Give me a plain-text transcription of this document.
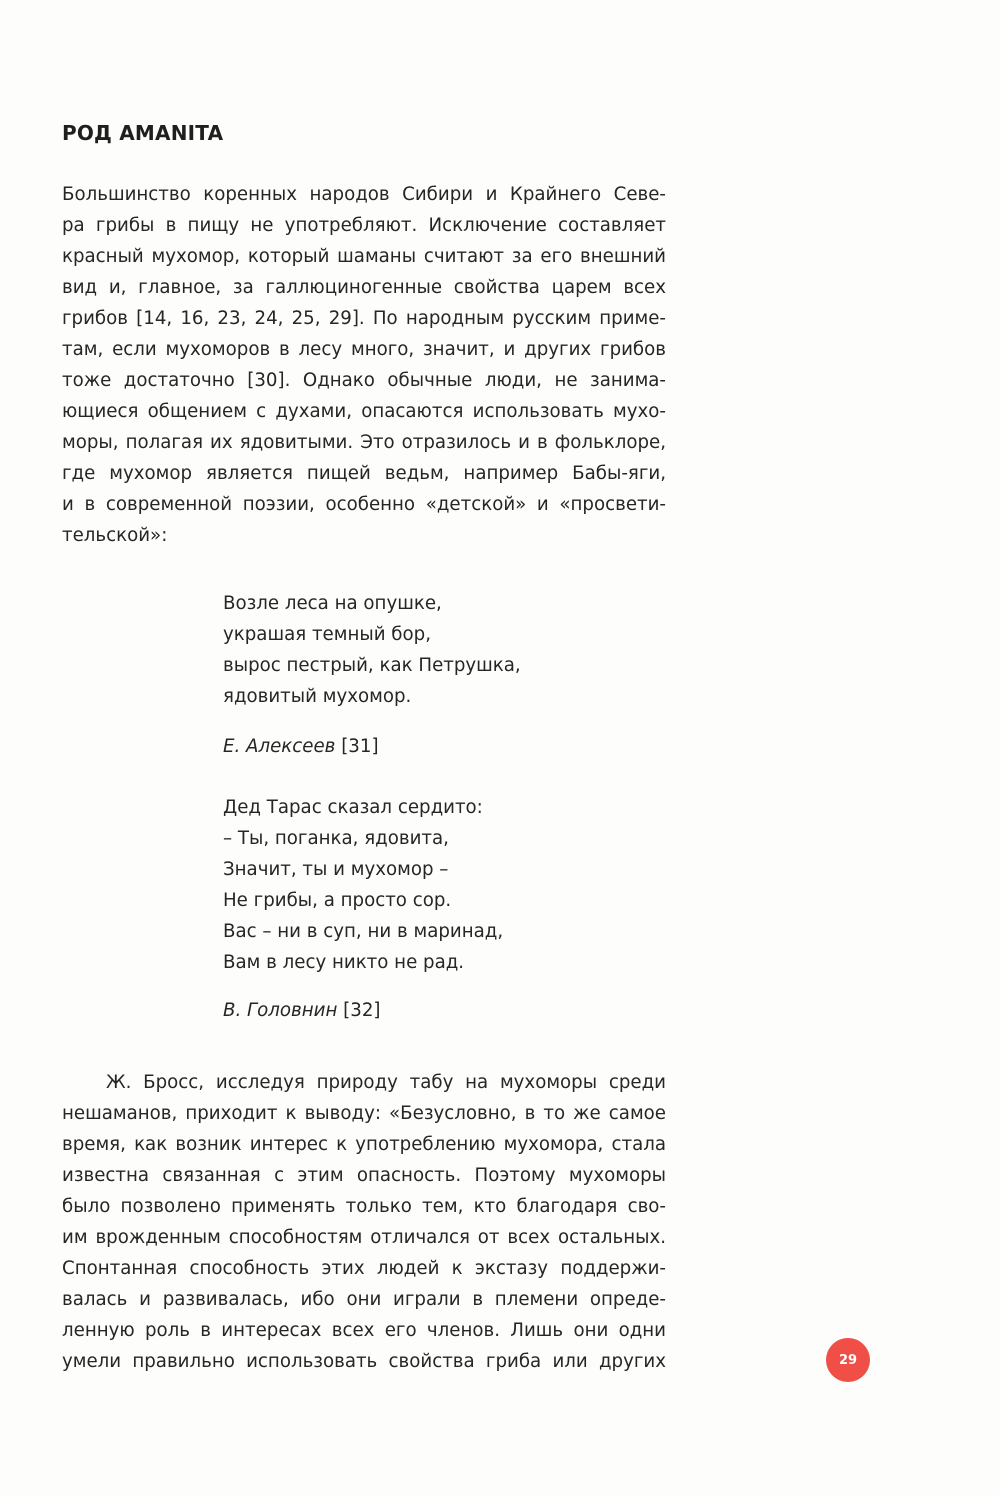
РОД AMANITA
Большинство коренных народов Сибири и Крайнего Севе-
ра грибы в пищу не употребляют. Исключение составляет
красный мухомор, который шаманы считают за его внешний
вид и, главное, за галлюциногенные свойства царем всех
грибов [14, 16, 23, 24, 25, 29]. По народным русским приме-
там, если мухоморов в лесу много, значит, и других грибов
тоже достаточно [30]. Однако обычные люди, не занима-
ющиеся общением с духами, опасаются использовать мухо-
моры, полагая их ядовитыми. Это отразилось и в фольклоре,
где мухомор является пищей ведьм, например Бабы-яги,
и в современной поэзии, особенно «детской» и «просвети-
тельской»:
Возле леса на опушке,
украшая темный бор,
вырос пестрый, как Петрушка,
ядовитый мухомор.
Е. Алексеев [31]
Дед Тарас сказал сердито:
– Ты, поганка, ядовита,
Значит, ты и мухомор –
Не грибы, а просто сор.
Вас – ни в суп, ни в маринад,
Вам в лесу никто не рад.
В. Головнин [32]
Ж. Бросс, исследуя природу табу на мухоморы среди
нешаманов, приходит к выводу: «Безусловно, в то же самое
время, как возник интерес к употреблению мухомора, стала
известна связанная с этим опасность. Поэтому мухоморы
было позволено применять только тем, кто благодаря сво-
им врожденным способностям отличался от всех остальных.
Спонтанная способность этих людей к экстазу поддержи-
валась и развивалась, ибо они играли в племени опреде-
ленную роль в интересах всех его членов. Лишь они одни
умели правильно использовать свойства гриба или других	29
